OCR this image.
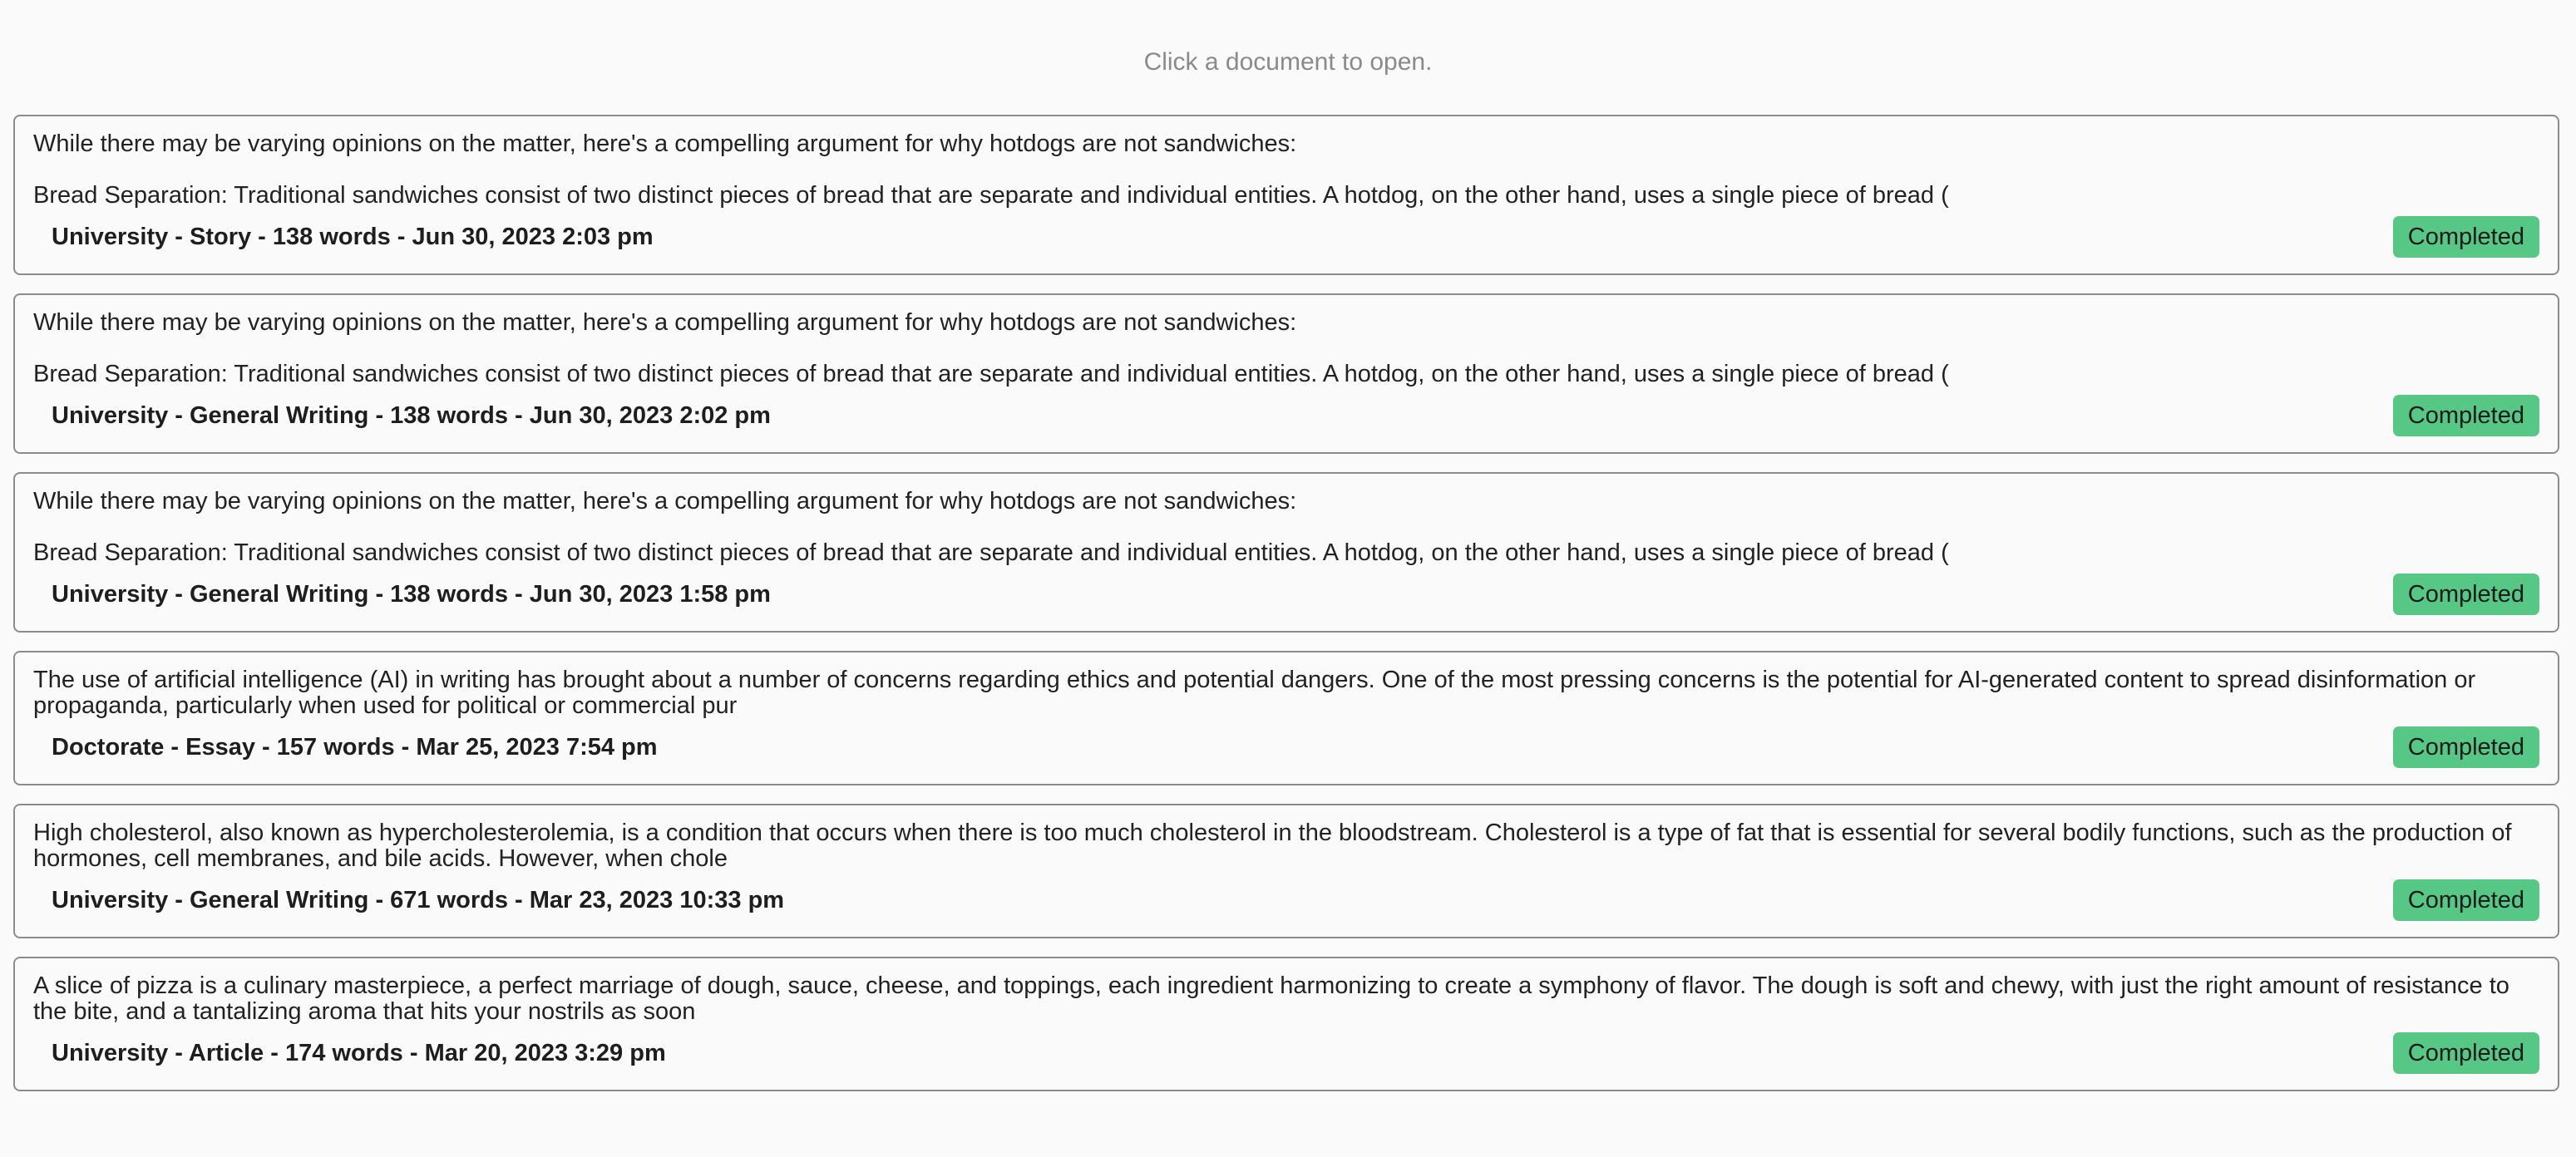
Click a document to open.

While there may be varying opinions on the matter, here's a compelling argument for why hotdogs are not sandwiches:

Bread Separation: Traditional sandwiches consist of two distinct pieces of bread that are separate and individual entities. A hotdog, on the other hand, uses a single piece of bread (

University - Story - 138 words - Jun 30, 2023 2:03 pm	Completed

While there may be varying opinions on the matter, here's a compelling argument for why hotdogs are not sandwiches:

Bread Separation: Traditional sandwiches consist of two distinct pieces of bread that are separate and individual entities. A hotdog, on the other hand, uses a single piece of bread (

University - General Writing - 138 words - Jun 30, 2023 2:02 pm	Completed

While there may be varying opinions on the matter, here's a compelling argument for why hotdogs are not sandwiches:

Bread Separation: Traditional sandwiches consist of two distinct pieces of bread that are separate and individual entities. A hotdog, on the other hand, uses a single piece of bread (

University - General Writing - 138 words - Jun 30, 2023 1:58 pm	Completed

The use of artificial intelligence (AI) in writing has brought about a number of concerns regarding ethics and potential dangers. One of the most pressing concerns is the potential for AI-generated content to spread disinformation or propaganda, particularly when used for political or commercial pur

Doctorate - Essay - 157 words - Mar 25, 2023 7:54 pm	Completed

High cholesterol, also known as hypercholesterolemia, is a condition that occurs when there is too much cholesterol in the bloodstream. Cholesterol is a type of fat that is essential for several bodily functions, such as the production of hormones, cell membranes, and bile acids. However, when chole

University - General Writing - 671 words - Mar 23, 2023 10:33 pm	Completed

A slice of pizza is a culinary masterpiece, a perfect marriage of dough, sauce, cheese, and toppings, each ingredient harmonizing to create a symphony of flavor. The dough is soft and chewy, with just the right amount of resistance to the bite, and a tantalizing aroma that hits your nostrils as soon

University - Article - 174 words - Mar 20, 2023 3:29 pm	Completed
